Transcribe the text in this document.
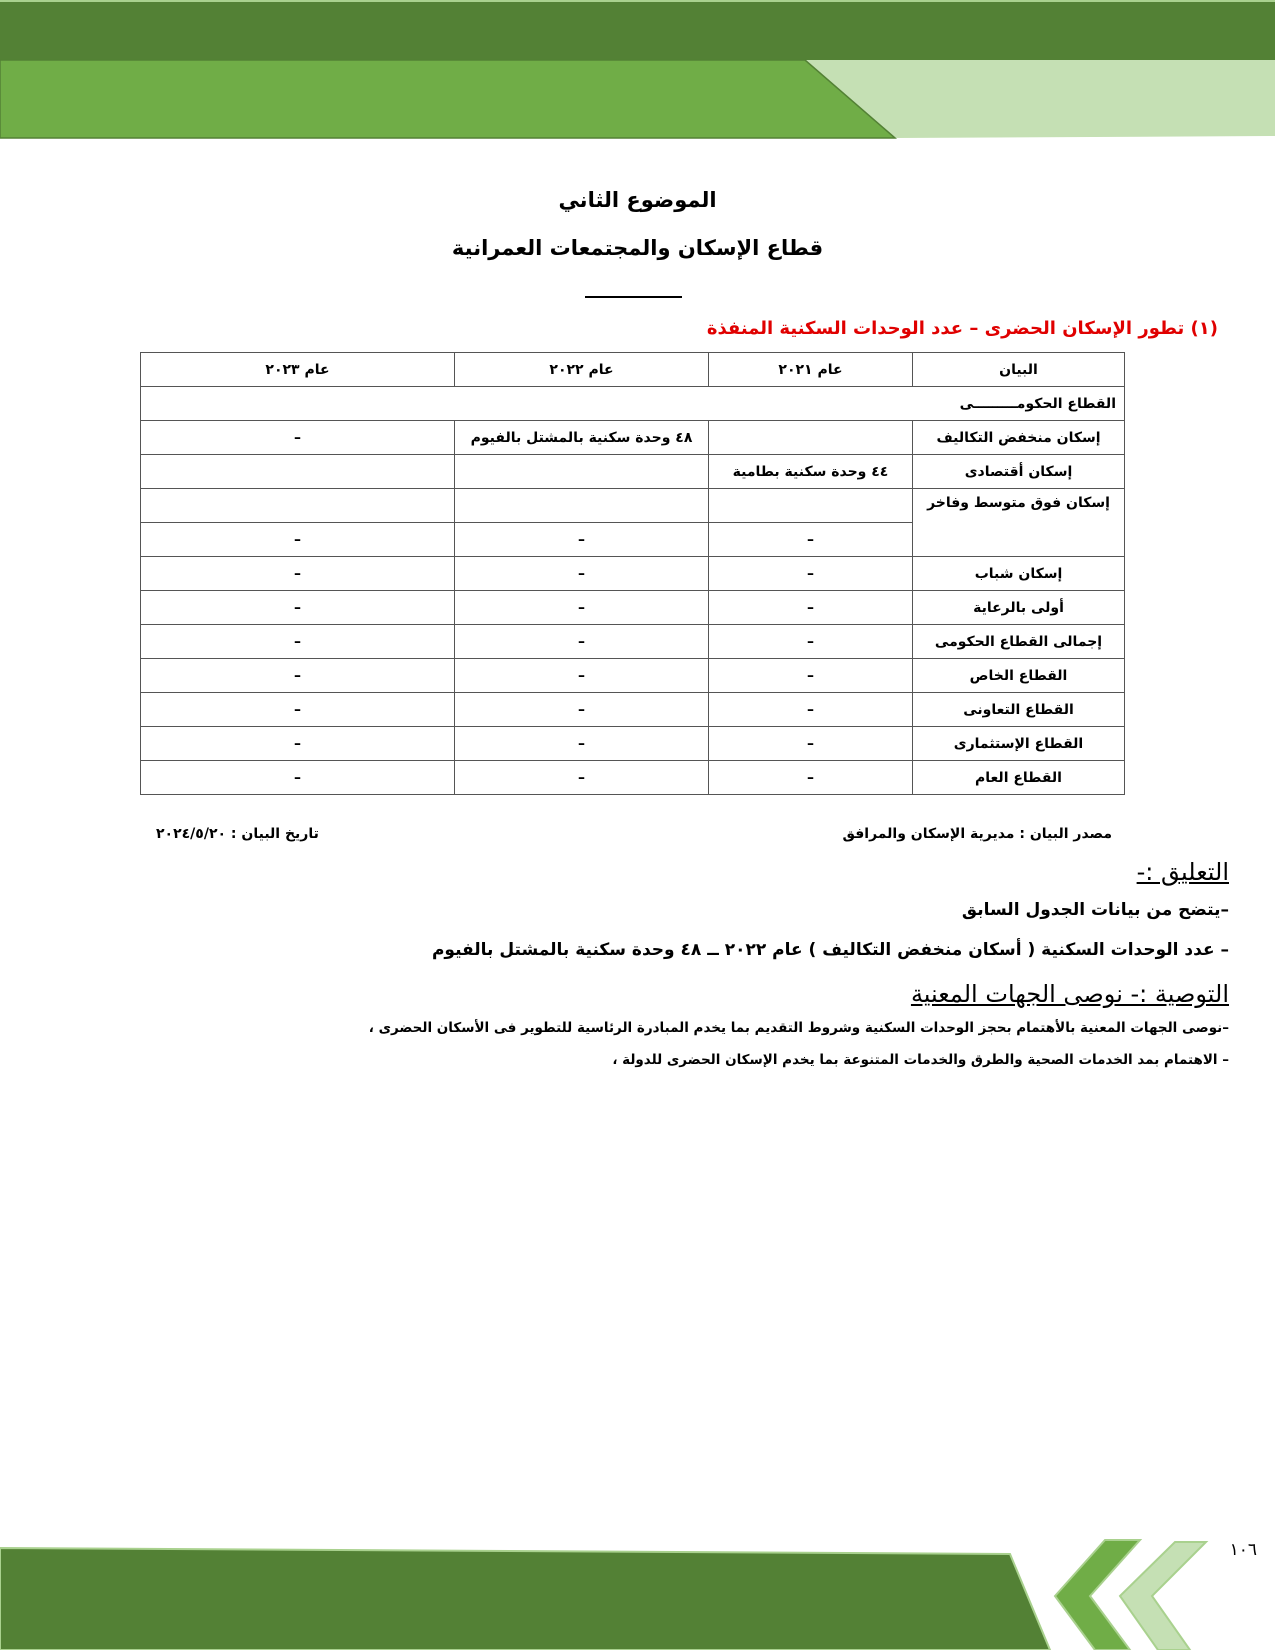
الموضوع الثاني
قطاع الإسكان والمجتمعات العمرانية
(١) تطور الإسكان الحضرى – عدد الوحدات السكنية المنفذة
البيان	عام ٢٠٢١	عام ٢٠٢٢	عام ٢٠٢٣
القطاع الحكومـــــــــى			
إسكان منخفض التكاليف		٤٨ وحدة سكنية بالمشتل بالفيوم	–
إسكان أقتصادى	٤٤ وحدة سكنية بطامية		
إسكان فوق متوسط وفاخر			
	–	–	–
إسكان شباب	–	–	–
أولى بالرعاية	–	–	–
إجمالى القطاع الحكومى	–	–	–
القطاع الخاص	–	–	–
القطاع التعاونى	–	–	–
القطاع الإستثمارى	–	–	–
القطاع العام	–	–	–
مصدر البيان : مديرية الإسكان والمرافق
تاريخ البيان : ٢٠٢٤/٥/٢٠
التعليق :-
–يتضح من بيانات الجدول السابق
– عدد الوحدات السكنية ( أسكان منخفض التكاليف ) عام ٢٠٢٢ ــ ٤٨ وحدة سكنية بالمشتل بالفيوم
التوصية :- نوصى الجهات المعنية
–نوصى الجهات المعنية بالأهتمام بحجز الوحدات السكنية وشروط التقديم بما يخدم المبادرة الرئاسية للتطوير فى الأسكان الحضرى ،
– الاهتمام بمد الخدمات الصحية والطرق والخدمات المتنوعة بما يخدم الإسكان الحضرى للدولة ،
١٠٦
